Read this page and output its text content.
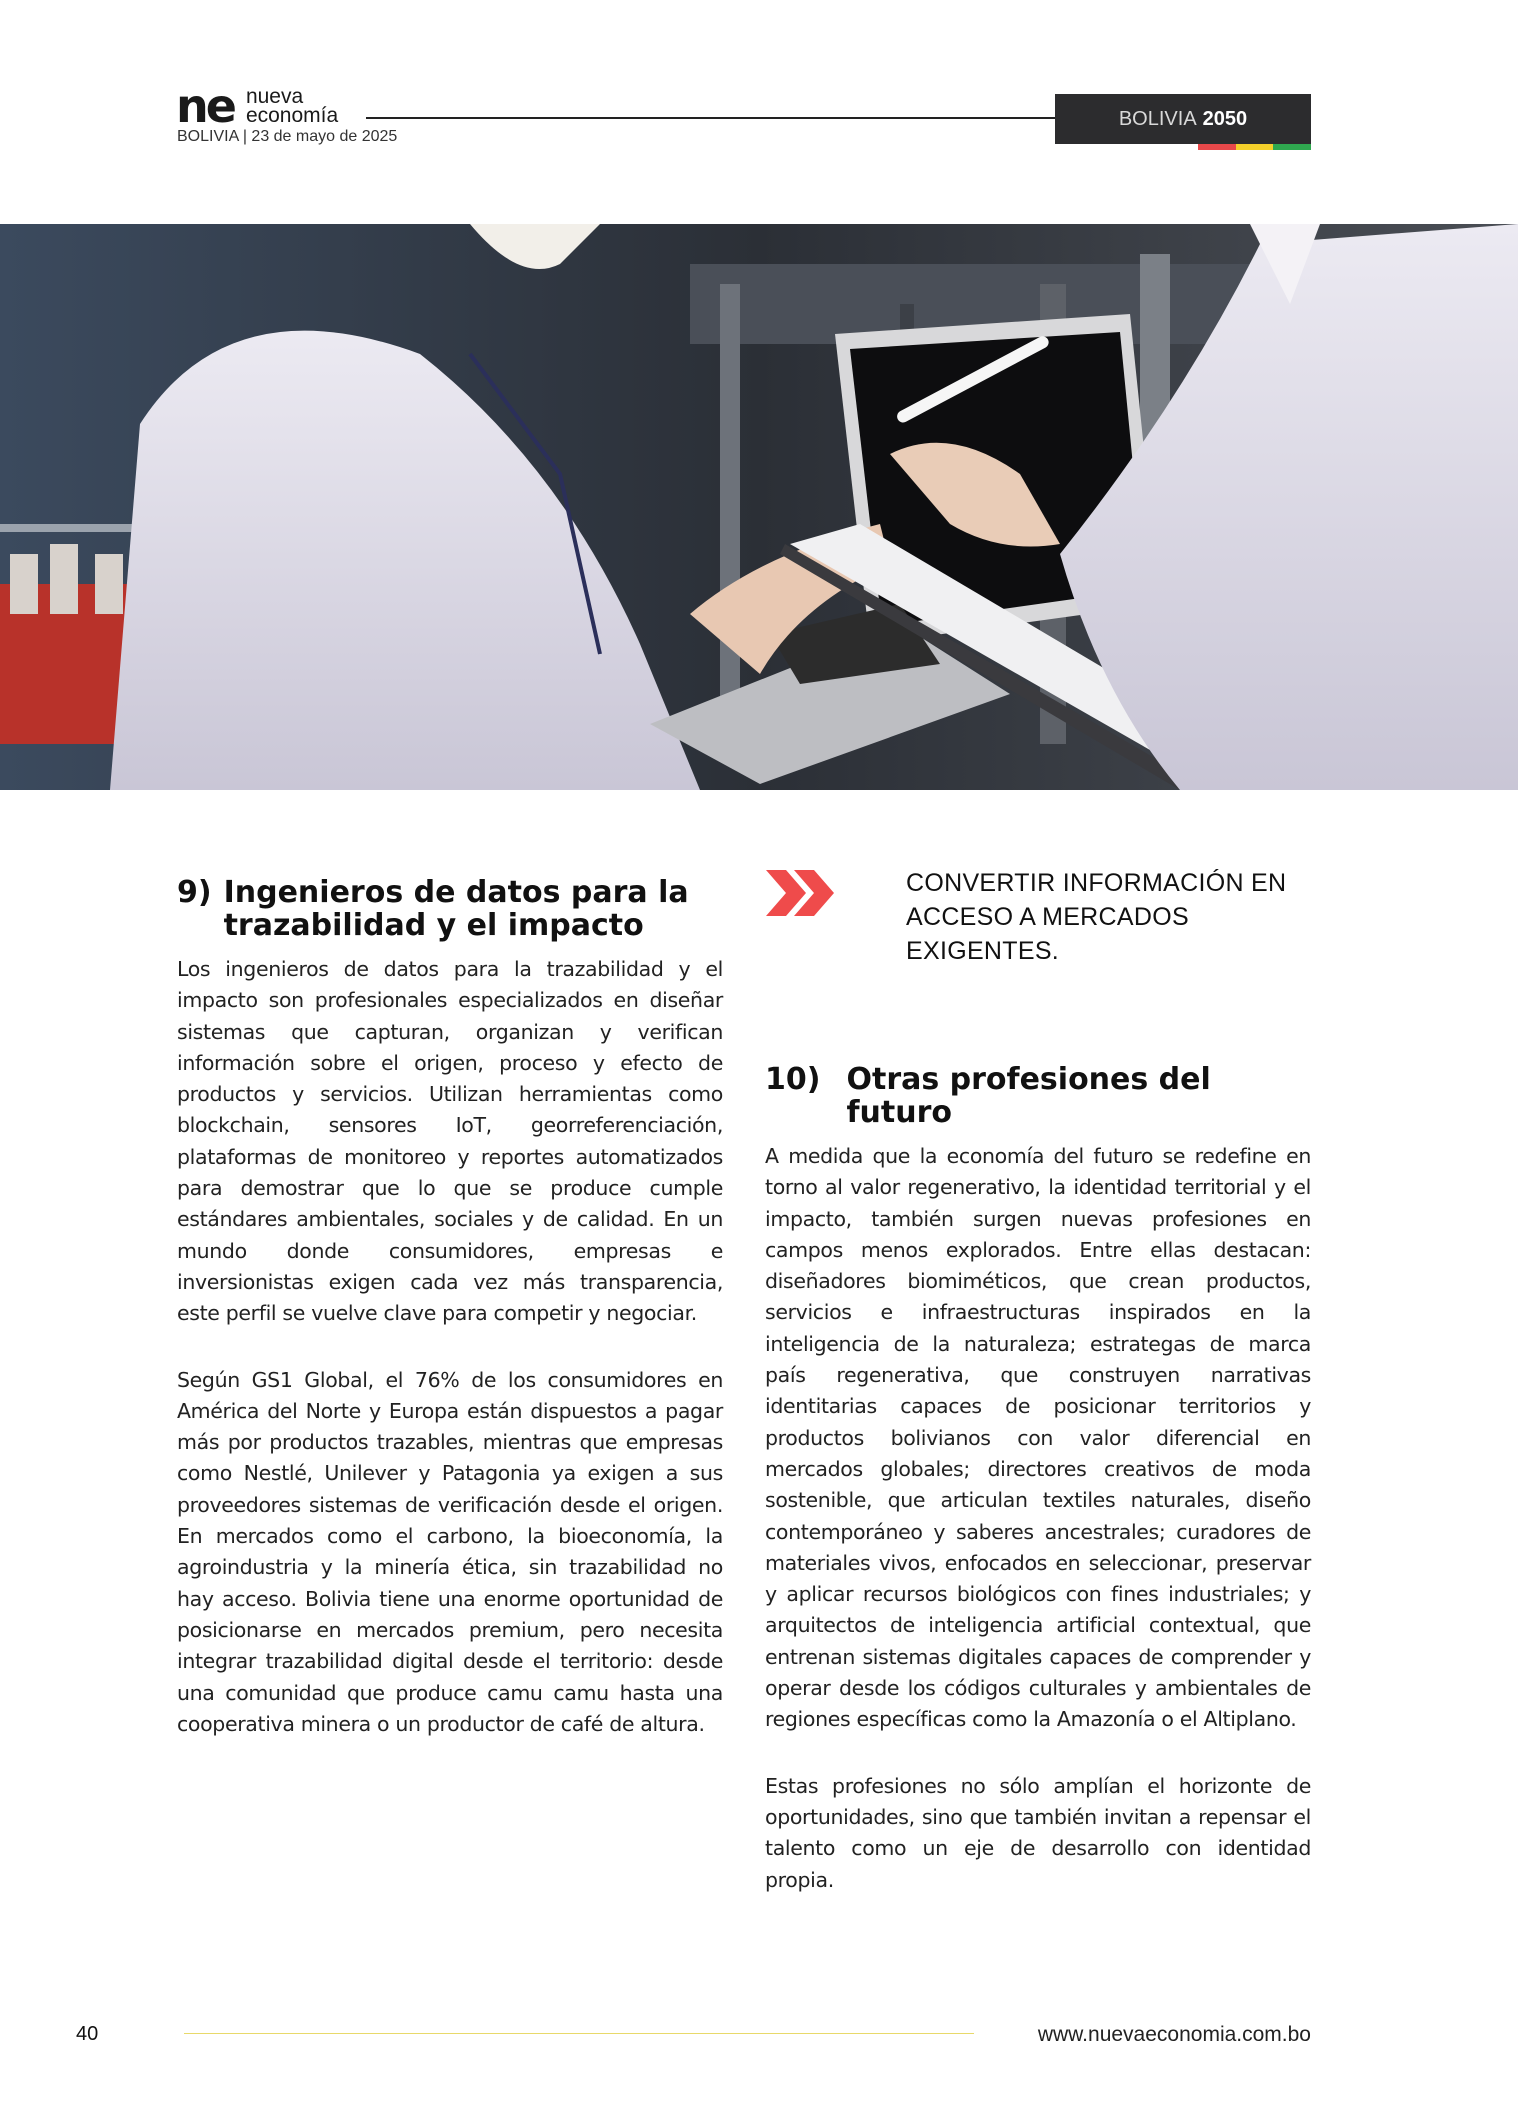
ne nueva
economía
BOLIVIA | 23 de mayo de 2025
BOLIVIA 2050
9) Ingenieros de datos para la trazabilidad y el impacto

Los ingenieros de datos para la trazabilidad y el impacto son profesionales especializados en diseñar sistemas que capturan, organizan y verifican información sobre el origen, proceso y efecto de productos y servicios. Utilizan herramientas como blockchain, sensores IoT, georreferenciación, plataformas de monitoreo y reportes automatizados para demostrar que lo que se produce cumple estándares ambientales, sociales y de calidad. En un mundo donde consumidores, empresas e inversionistas exigen cada vez más transparencia, este perfil se vuelve clave para competir y negociar.

Según GS1 Global, el 76% de los consumidores en América del Norte y Europa están dispuestos a pagar más por productos trazables, mientras que empresas como Nestlé, Unilever y Patagonia ya exigen a sus proveedores sistemas de verificación desde el origen. En mercados como el carbono, la bioeconomía, la agroindustria y la minería ética, sin trazabilidad no hay acceso. Bolivia tiene una enorme oportunidad de posicionarse en mercados premium, pero necesita integrar trazabilidad digital desde el territorio: desde una comunidad que produce camu camu hasta una cooperativa minera o un productor de café de altura.

CONVERTIR INFORMACIÓN EN ACCESO A MERCADOS EXIGENTES.
10) Otras profesiones del futuro

A medida que la economía del futuro se redefine en torno al valor regenerativo, la identidad territorial y el impacto, también surgen nuevas profesiones en campos menos explorados. Entre ellas destacan: diseñadores biomiméticos, que crean productos, servicios e infraestructuras inspirados en la inteligencia de la naturaleza; estrategas de marca país regenerativa, que construyen narrativas identitarias capaces de posicionar territorios y productos bolivianos con valor diferencial en mercados globales; directores creativos de moda sostenible, que articulan textiles naturales, diseño contemporáneo y saberes ancestrales; curadores de materiales vivos, enfocados en seleccionar, preservar y aplicar recursos biológicos con fines industriales; y arquitectos de inteligencia artificial contextual, que entrenan sistemas digitales capaces de comprender y operar desde los códigos culturales y ambientales de regiones específicas como la Amazonía o el Altiplano.

Estas profesiones no sólo amplían el horizonte de oportunidades, sino que también invitan a repensar el talento como un eje de desarrollo con identidad propia.

40	www.nuevaeconomia.com.bo
